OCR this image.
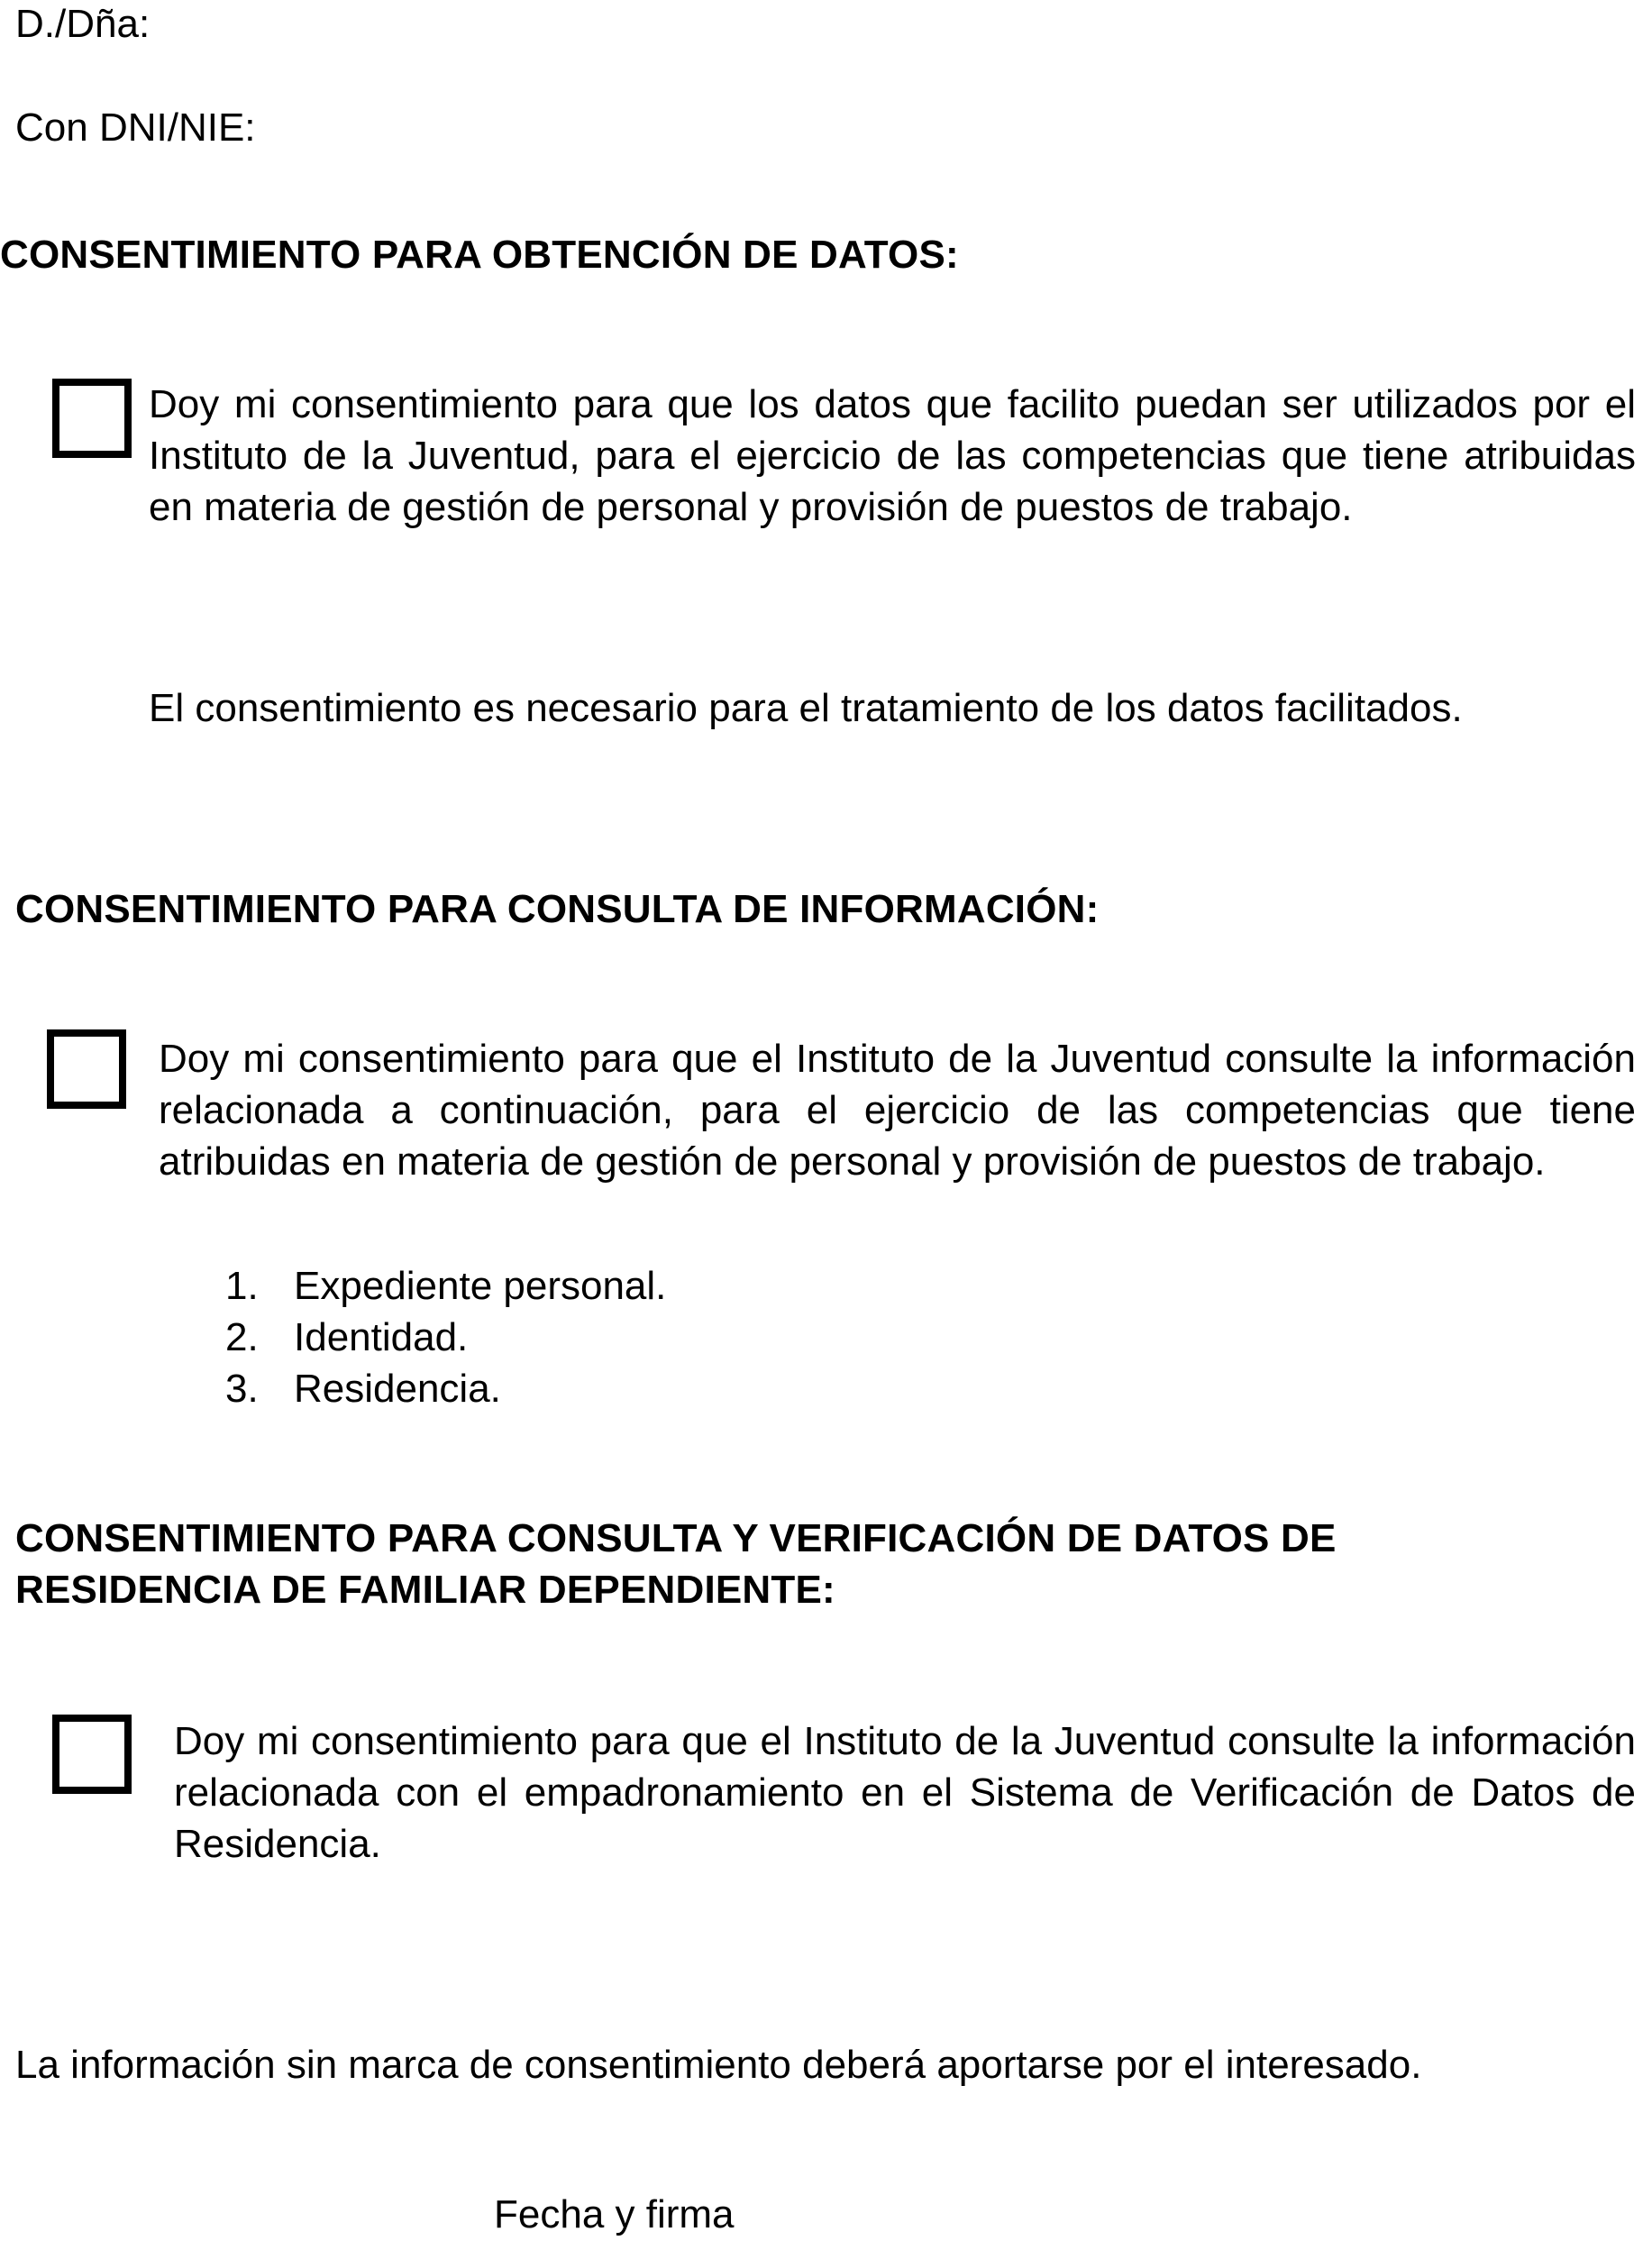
D./Dña:
Con DNI/NIE:
CONSENTIMIENTO PARA OBTENCIÓN DE DATOS:
Doy mi consentimiento para que los datos que facilito puedan ser utilizados por el Instituto de la Juventud, para el ejercicio de las competencias que tiene atribuidas en materia de gestión de personal y provisión de puestos de trabajo.
El consentimiento es necesario para el tratamiento de los datos facilitados.
CONSENTIMIENTO PARA CONSULTA DE INFORMACIÓN:
Doy mi consentimiento para que el Instituto de la Juventud consulte la información relacionada a continuación, para el ejercicio de las competencias que tiene atribuidas en materia de gestión de personal y provisión de puestos de trabajo.
1. Expediente personal.
2. Identidad.
3. Residencia.
CONSENTIMIENTO PARA CONSULTA Y VERIFICACIÓN DE DATOS DE
RESIDENCIA DE FAMILIAR DEPENDIENTE:
Doy mi consentimiento para que el Instituto de la Juventud consulte la información relacionada con el empadronamiento en el Sistema de Verificación de Datos de Residencia.
La información sin marca de consentimiento deberá aportarse por el interesado.
Fecha y firma
